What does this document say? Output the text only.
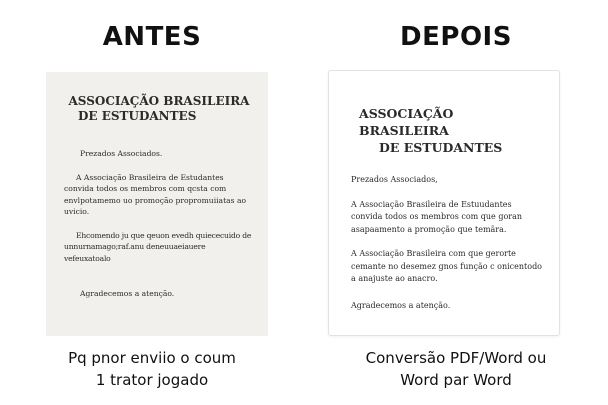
ANTES

ASSOCIAÇÃO BRASILEIRA
DE ESTUDANTES

Prezados Associados.

A Associação Brasileira de Estudantes convida todos os membros com qcsta com envlpotamemo uo promoção propromuiiatas ao uvicio.

Ehcomendo ju que qeuon evedh quiececuido de unnurnamago;raf.anu deneuuaeiauere vefeuxatoalo

Agradecemos a atenção.

Pq pnor enviio o coum
1 trator jogado
DEPOIS

ASSOCIAÇÃO BRASILEIRA
DE ESTUDANTES

Prezados Associados,

A Associação Brasileira de Estuudantes convida todos os membros com que goran asapaamento a promoção que temãra.

A Associação Brasileira com que gerorte cemante no desemez gnos função c onicentodo a anajuste ao anacro.

Agradecemos a atenção.

Conversão PDF/Word ou
Word par Word
